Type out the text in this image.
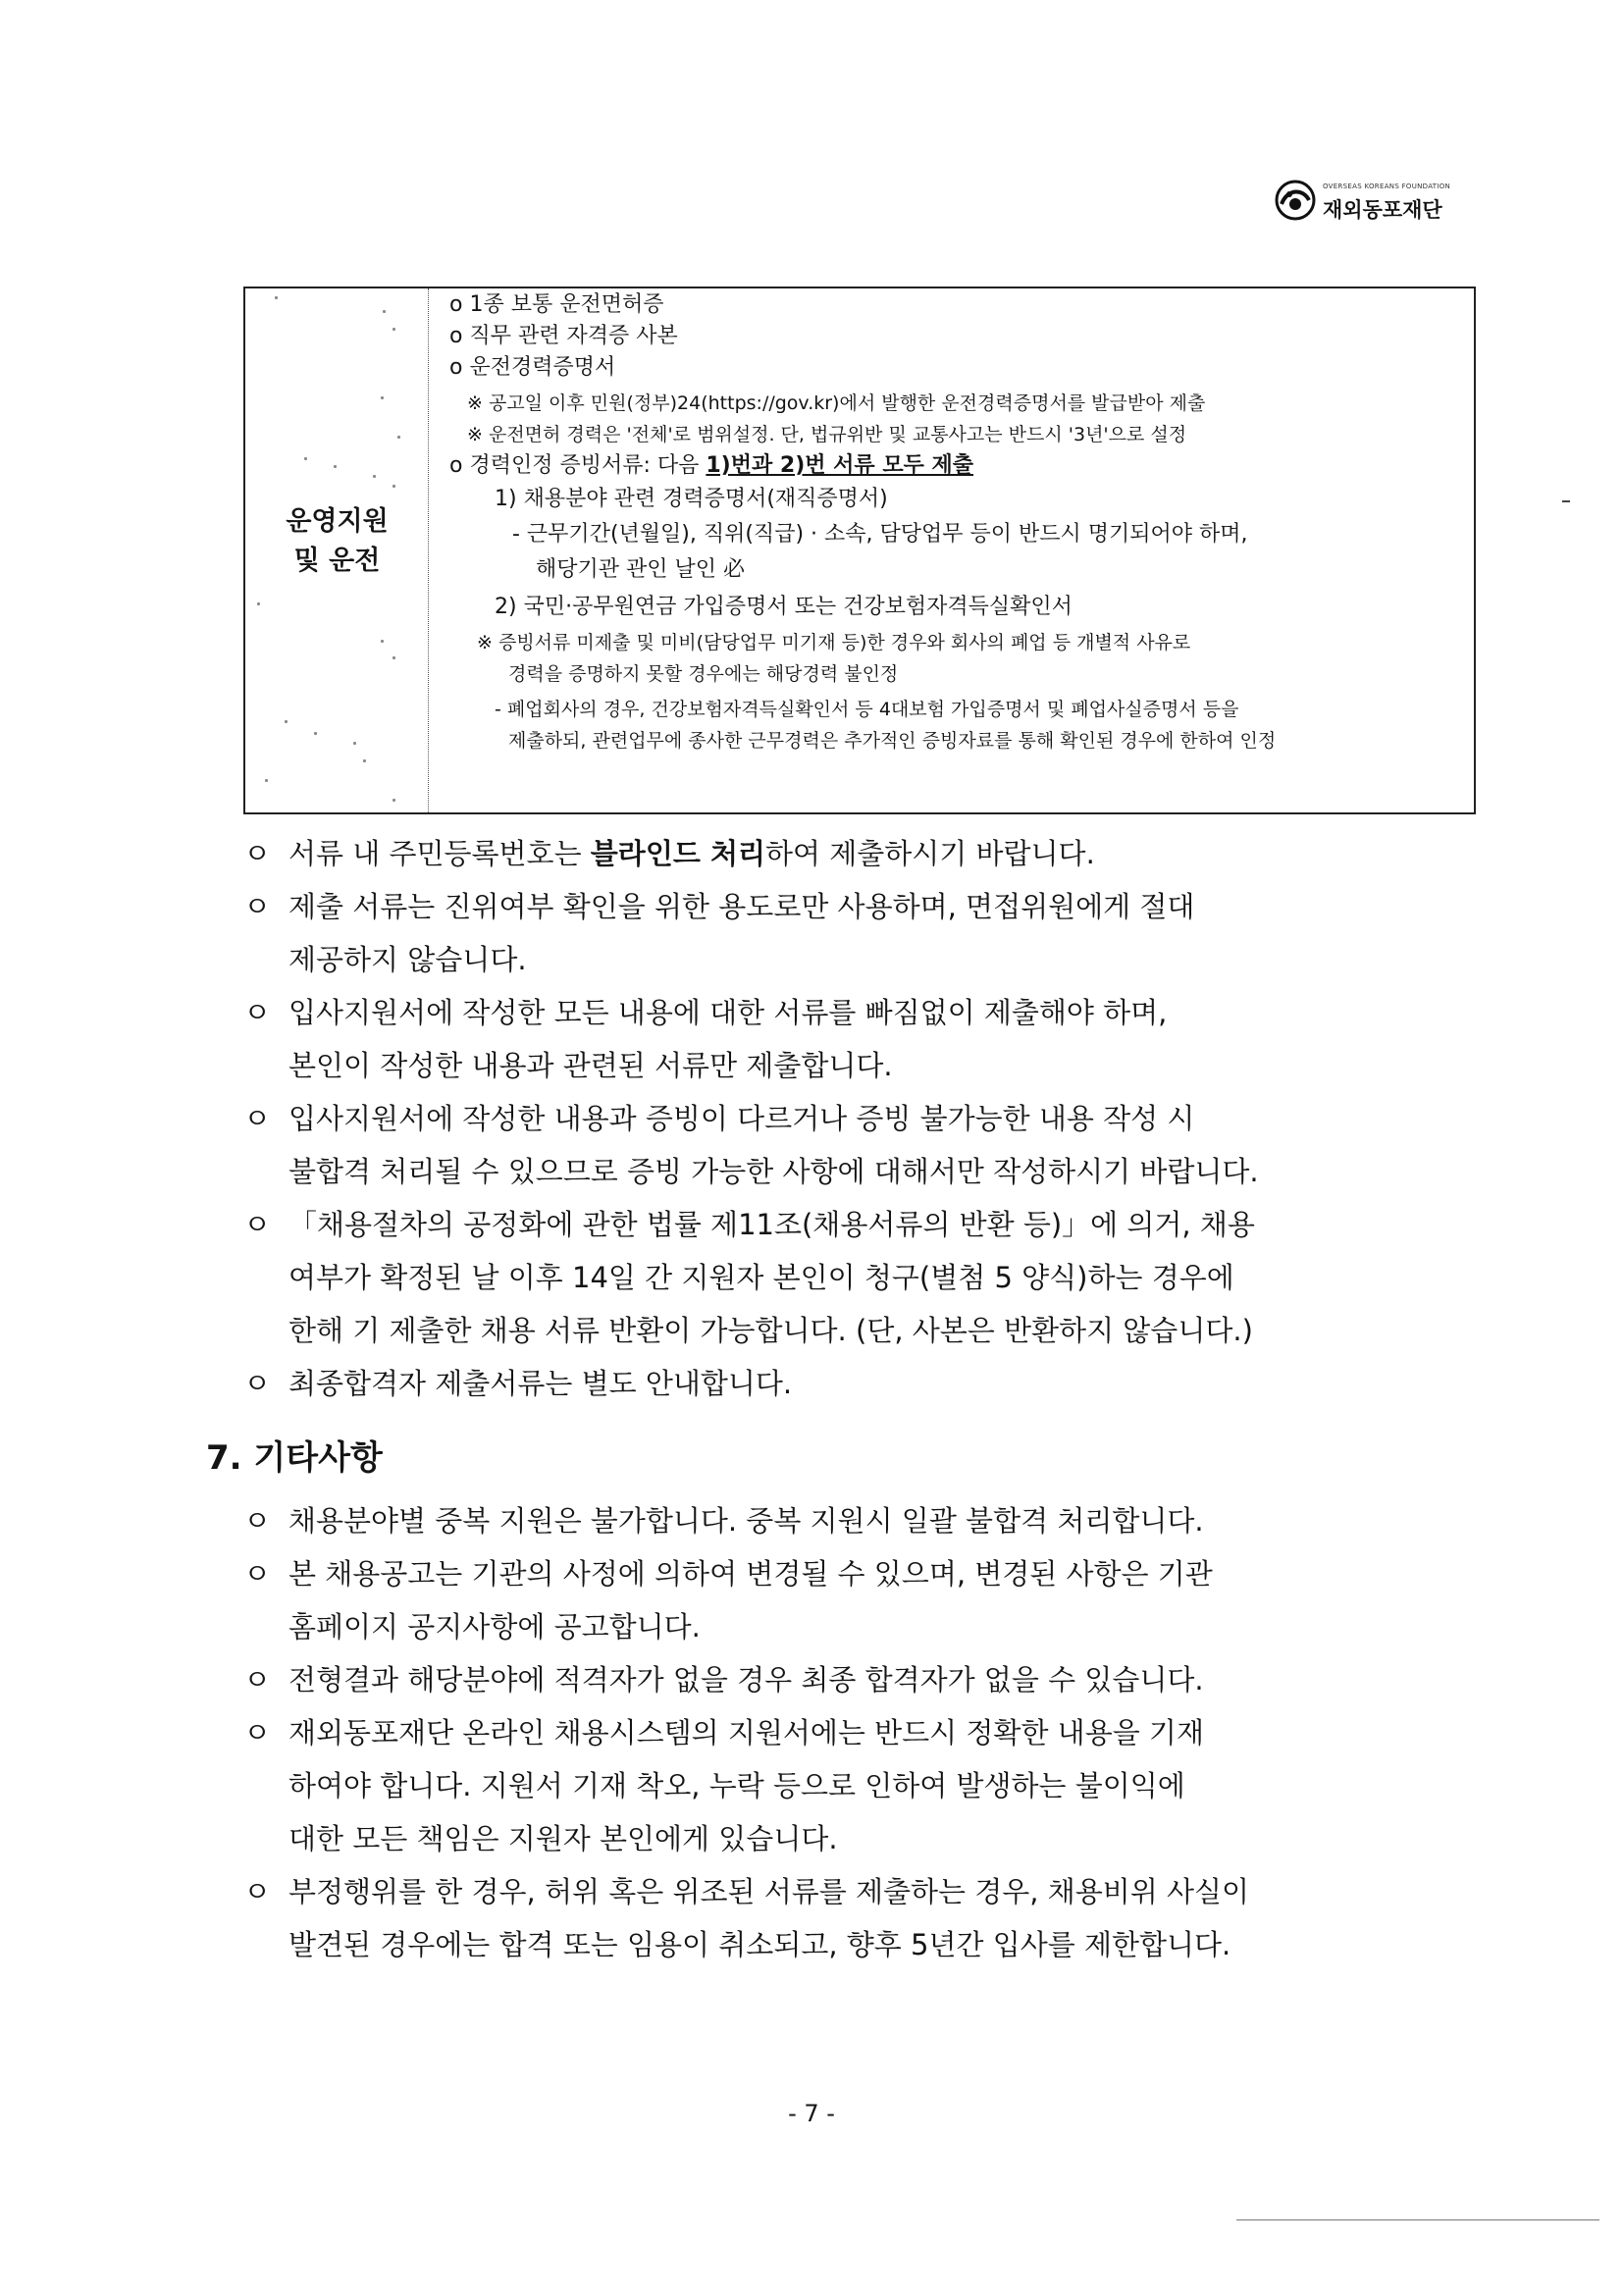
OVERSEAS KOREANS FOUNDATION
재외동포재단
운영지원
및 운전
o 1종 보통 운전면허증
o 직무 관련 자격증 사본
o 운전경력증명서
※ 공고일 이후 민원(정부)24(https://gov.kr)에서 발행한 운전경력증명서를 발급받아 제출
※ 운전면허 경력은 '전체'로 범위설정. 단, 법규위반 및 교통사고는 반드시 '3년'으로 설정
o 경력인정 증빙서류: 다음 1)번과 2)번 서류 모두 제출
1) 채용분야 관련 경력증명서(재직증명서)
- 근무기간(년월일), 직위(직급) · 소속, 담당업무 등이 반드시 명기되어야 하며,
해당기관 관인 날인 必
2) 국민·공무원연금 가입증명서 또는 건강보험자격득실확인서
※ 증빙서류 미제출 및 미비(담당업무 미기재 등)한 경우와 회사의 폐업 등 개별적 사유로
경력을 증명하지 못할 경우에는 해당경력 불인정
- 폐업회사의 경우, 건강보험자격득실확인서 등 4대보험 가입증명서 및 폐업사실증명서 등을
제출하되, 관련업무에 종사한 근무경력은 추가적인 증빙자료를 통해 확인된 경우에 한하여 인정
ㅇ 서류 내 주민등록번호는 블라인드 처리하여 제출하시기 바랍니다.
ㅇ 제출 서류는 진위여부 확인을 위한 용도로만 사용하며, 면접위원에게 절대
제공하지 않습니다.
ㅇ 입사지원서에 작성한 모든 내용에 대한 서류를 빠짐없이 제출해야 하며,
본인이 작성한 내용과 관련된 서류만 제출합니다.
ㅇ 입사지원서에 작성한 내용과 증빙이 다르거나 증빙 불가능한 내용 작성 시
불합격 처리될 수 있으므로 증빙 가능한 사항에 대해서만 작성하시기 바랍니다.
ㅇ 「채용절차의 공정화에 관한 법률 제11조(채용서류의 반환 등)」에 의거, 채용
여부가 확정된 날 이후 14일 간 지원자 본인이 청구(별첨 5 양식)하는 경우에
한해 기 제출한 채용 서류 반환이 가능합니다. (단, 사본은 반환하지 않습니다.)
ㅇ 최종합격자 제출서류는 별도 안내합니다.
7. 기타사항
ㅇ 채용분야별 중복 지원은 불가합니다. 중복 지원시 일괄 불합격 처리합니다.
ㅇ 본 채용공고는 기관의 사정에 의하여 변경될 수 있으며, 변경된 사항은 기관
홈페이지 공지사항에 공고합니다.
ㅇ 전형결과 해당분야에 적격자가 없을 경우 최종 합격자가 없을 수 있습니다.
ㅇ 재외동포재단 온라인 채용시스템의 지원서에는 반드시 정확한 내용을 기재
하여야 합니다. 지원서 기재 착오, 누락 등으로 인하여 발생하는 불이익에
대한 모든 책임은 지원자 본인에게 있습니다.
ㅇ 부정행위를 한 경우, 허위 혹은 위조된 서류를 제출하는 경우, 채용비위 사실이
발견된 경우에는 합격 또는 임용이 취소되고, 향후 5년간 입사를 제한합니다.
- 7 -
